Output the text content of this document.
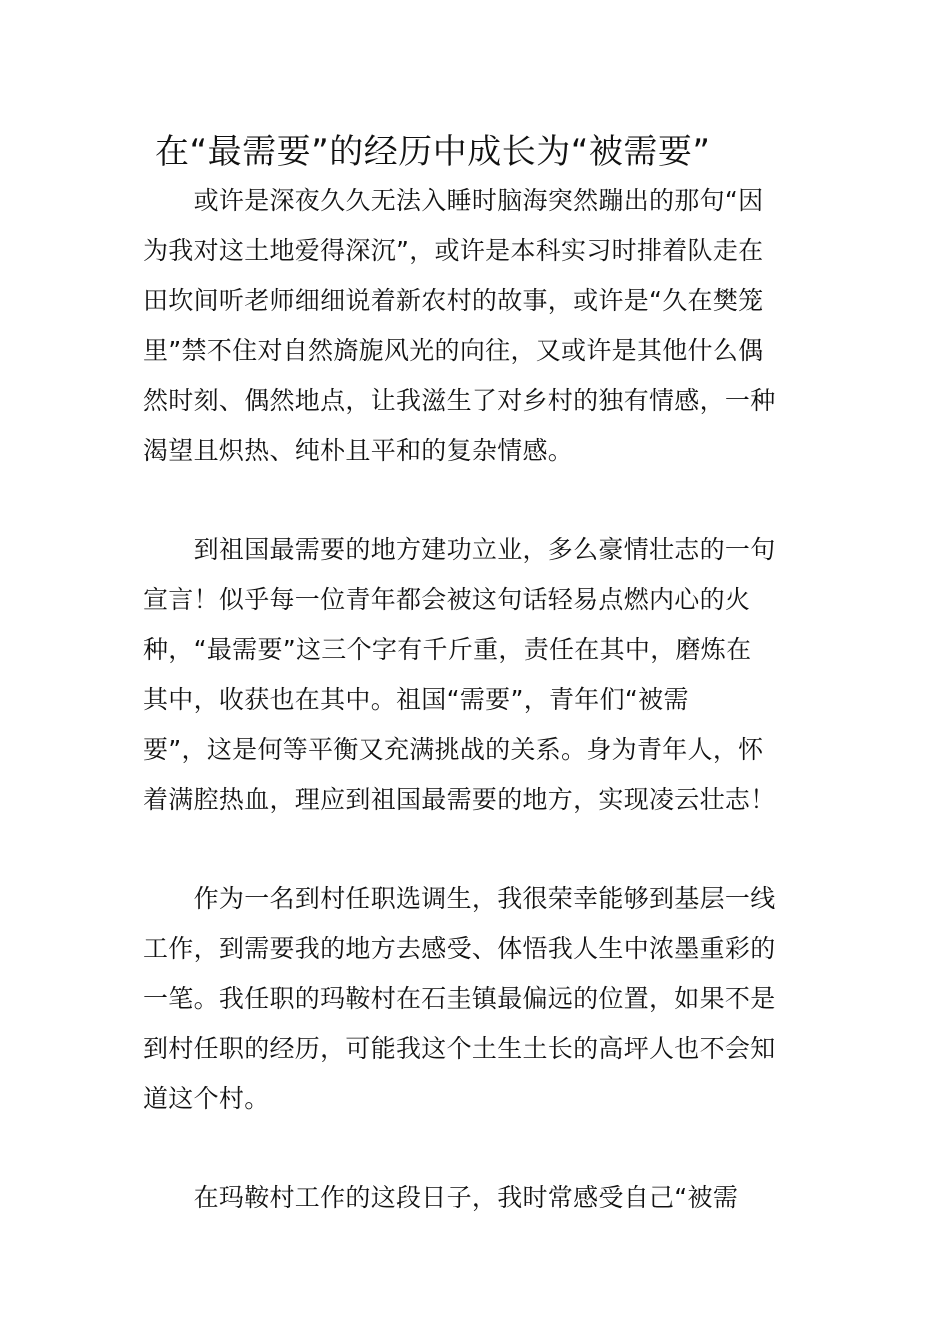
在“最需要”的经历中成长为“被需要”
　　或许是深夜久久无法入睡时脑海突然蹦出的那句“因
为我对这土地爱得深沉”，或许是本科实习时排着队走在
田坎间听老师细细说着新农村的故事，或许是“久在樊笼
里”禁不住对自然旖旎风光的向往，又或许是其他什么偶
然时刻、偶然地点，让我滋生了对乡村的独有情感，一种
渴望且炽热、纯朴且平和的复杂情感。
　　到祖国最需要的地方建功立业，多么豪情壮志的一句
宣言！似乎每一位青年都会被这句话轻易点燃内心的火
种，“最需要”这三个字有千斤重，责任在其中，磨炼在
其中，收获也在其中。祖国“需要”，青年们“被需
要”，这是何等平衡又充满挑战的关系。身为青年人，怀
着满腔热血，理应到祖国最需要的地方，实现凌云壮志！
　　作为一名到村任职选调生，我很荣幸能够到基层一线
工作，到需要我的地方去感受、体悟我人生中浓墨重彩的
一笔。我任职的玛鞍村在石圭镇最偏远的位置，如果不是
到村任职的经历，可能我这个土生土长的高坪人也不会知
道这个村。
　　在玛鞍村工作的这段日子，我时常感受自己“被需
